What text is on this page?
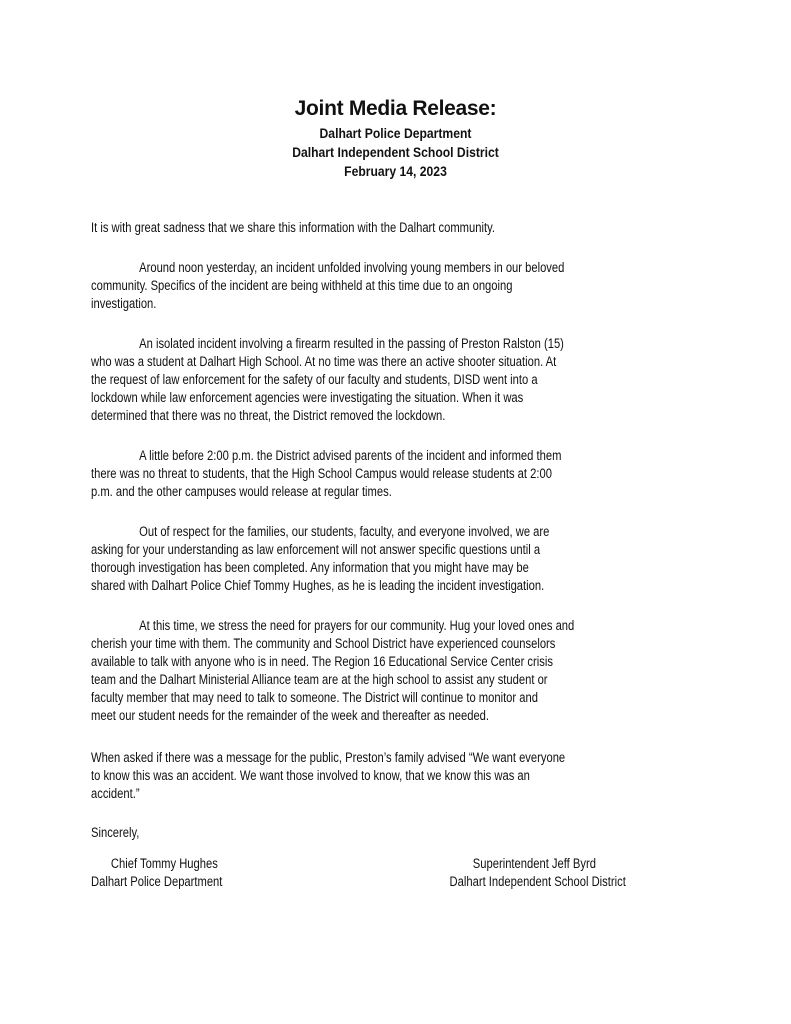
Joint Media Release:
Dalhart Police Department
Dalhart Independent School District
February 14, 2023
Chief Tommy Hughes
Dalhart Police Department
Superintendent Jeff Byrd
Dalhart Independent School District
It is with great sadness that we share this information with the Dalhart community.
Around noon yesterday, an incident unfolded involving young members in our beloved
community. Specifics of the incident are being withheld at this time due to an ongoing
investigation.
An isolated incident involving a firearm resulted in the passing of Preston Ralston (15)
who was a student at Dalhart High School. At no time was there an active shooter situation. At
the request of law enforcement for the safety of our faculty and students, DISD went into a
lockdown while law enforcement agencies were investigating the situation. When it was
determined that there was no threat, the District removed the lockdown.
A little before 2:00 p.m. the District advised parents of the incident and informed them
there was no threat to students, that the High School Campus would release students at 2:00
p.m. and the other campuses would release at regular times.
Out of respect for the families, our students, faculty, and everyone involved, we are
asking for your understanding as law enforcement will not answer specific questions until a
thorough investigation has been completed. Any information that you might have may be
shared with Dalhart Police Chief Tommy Hughes, as he is leading the incident investigation.
At this time, we stress the need for prayers for our community. Hug your loved ones and
cherish your time with them. The community and School District have experienced counselors
available to talk with anyone who is in need. The Region 16 Educational Service Center crisis
team and the Dalhart Ministerial Alliance team are at the high school to assist any student or
faculty member that may need to talk to someone. The District will continue to monitor and
meet our student needs for the remainder of the week and thereafter as needed.
When asked if there was a message for the public, Preston’s family advised “We want everyone
to know this was an accident. We want those involved to know, that we know this was an
accident.”
Sincerely,
